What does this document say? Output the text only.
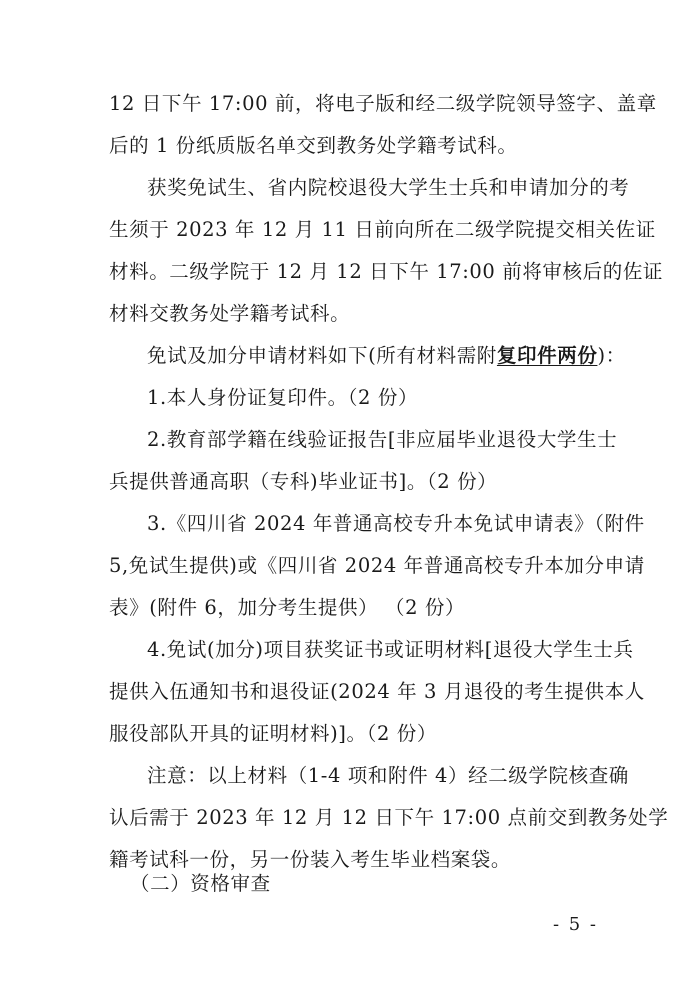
12 日下午 17:00 前，将电子版和经二级学院领导签字、盖章
后的 1 份纸质版名单交到教务处学籍考试科。
获奖免试生、省内院校退役大学生士兵和申请加分的考
生须于 2023 年 12 月 11 日前向所在二级学院提交相关佐证
材料。二级学院于 12 月 12 日下午 17:00 前将审核后的佐证
材料交教务处学籍考试科。
免试及加分申请材料如下(所有材料需附复印件两份)：
1.本人身份证复印件。（2 份）
2.教育部学籍在线验证报告[非应届毕业退役大学生士
兵提供普通高职（专科)毕业证书]。（2 份）
3.《四川省 2024 年普通高校专升本免试申请表》（附件
5,免试生提供)或《四川省 2024 年普通高校专升本加分申请
表》(附件 6，加分考生提供） （2 份）
4.免试(加分)项目获奖证书或证明材料[退役大学生士兵
提供入伍通知书和退役证(2024 年 3 月退役的考生提供本人
服役部队开具的证明材料)]。（2 份）
注意：以上材料（1-4 项和附件 4）经二级学院核查确
认后需于 2023 年 12 月 12 日下午 17:00 点前交到教务处学
籍考试科一份，另一份装入考生毕业档案袋。
（二）资格审查
- 5 -
